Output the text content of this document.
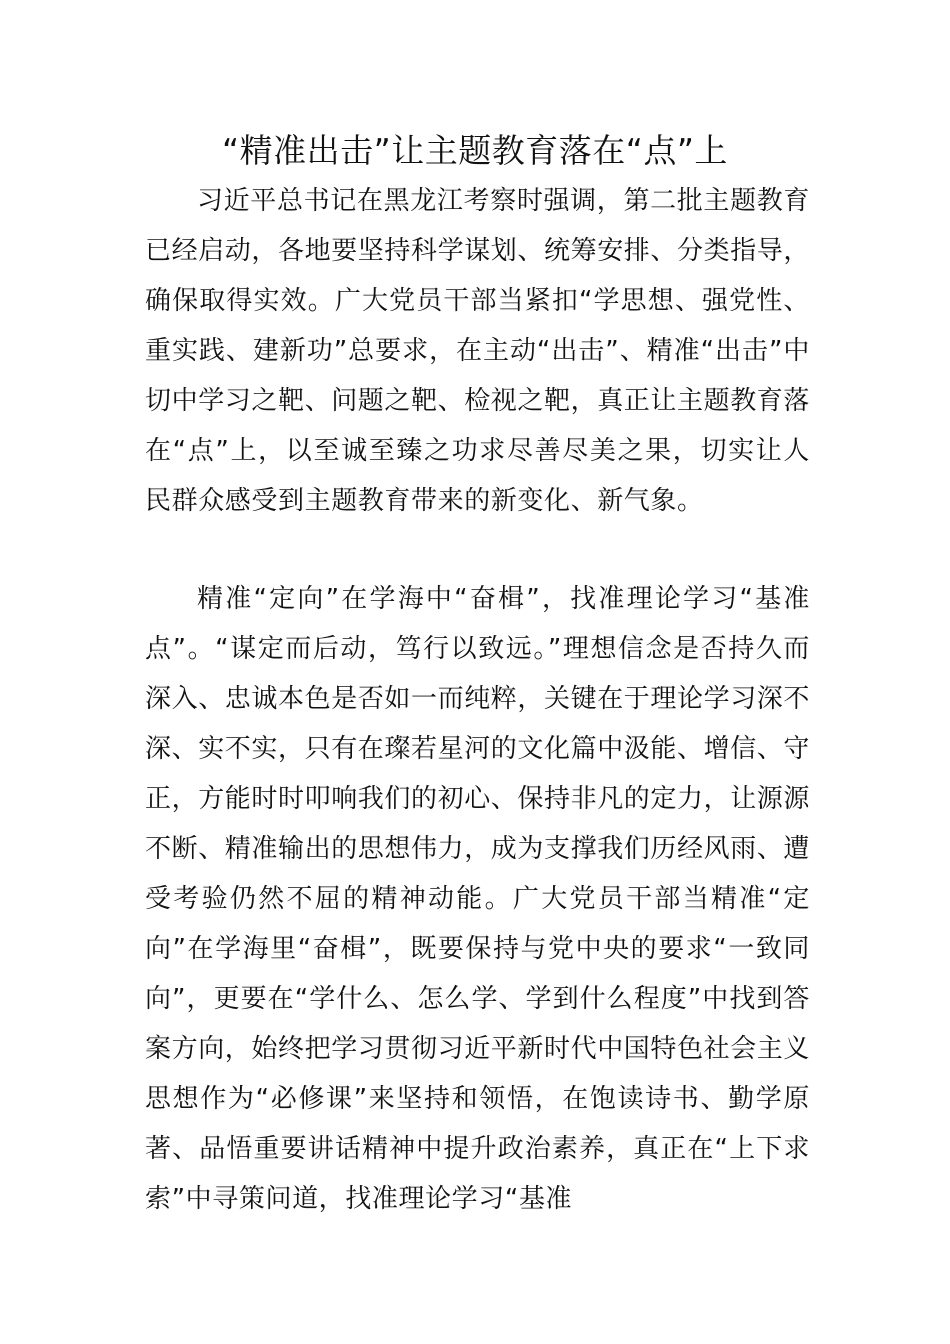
“精准出击”让主题教育落在“点”上

习近平总书记在黑龙江考察时强调，第二批主题教育已经启动，各地要坚持科学谋划、统筹安排、分类指导，确保取得实效。广大党员干部当紧扣“学思想、强党性、重实践、建新功”总要求，在主动“出击”、精准“出击”中切中学习之靶、问题之靶、检视之靶，真正让主题教育落在“点”上，以至诚至臻之功求尽善尽美之果，切实让人民群众感受到主题教育带来的新变化、新气象。

精准“定向”在学海中“奋楫”，找准理论学习“基准点”。“谋定而后动，笃行以致远。”理想信念是否持久而深入、忠诚本色是否如一而纯粹，关键在于理论学习深不深、实不实，只有在璨若星河的文化篇中汲能、增信、守正，方能时时叩响我们的初心、保持非凡的定力，让源源不断、精准输出的思想伟力，成为支撑我们历经风雨、遭受考验仍然不屈的精神动能。广大党员干部当精准“定向”在学海里“奋楫”，既要保持与党中央的要求“一致同向”，更要在“学什么、怎么学、学到什么程度”中找到答案方向，始终把学习贯彻习近平新时代中国特色社会主义思想作为“必修课”来坚持和领悟，在饱读诗书、勤学原著、品悟重要讲话精神中提升政治素养，真正在“上下求索”中寻策问道，找准理论学习“基准
